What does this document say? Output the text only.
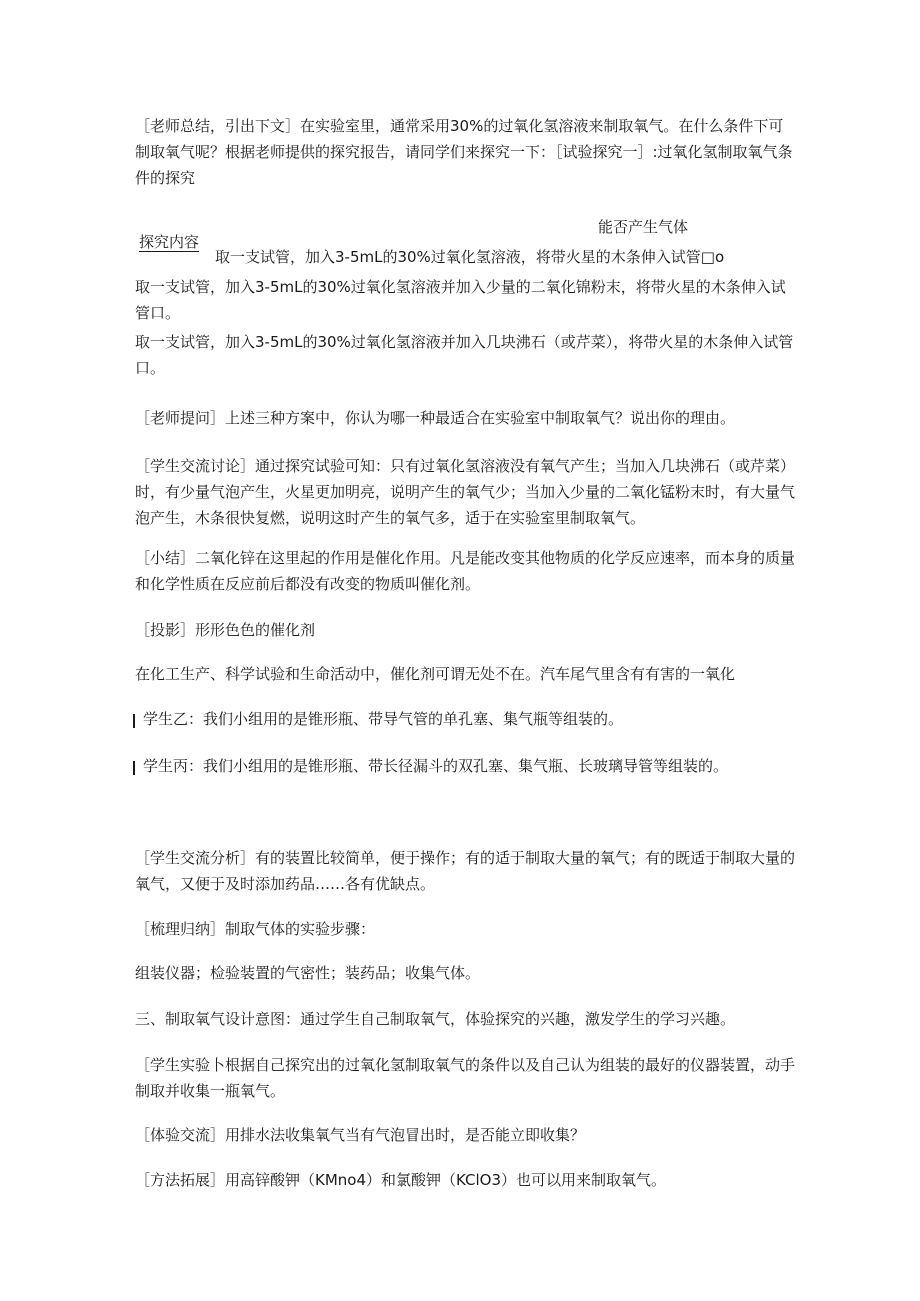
［老师总结，引出下文］在实验室里，通常采用30%的过氧化氢溶液来制取氧气。在什么条件下可制取氧气呢？根据老师提供的探究报告，请同学们来探究一下：［试验探究一］:过氧化氢制取氧气条件的探究

能否产生气体
探究内容
取一支试管，加入3-5mL的30%过氧化氢溶液，将带火星的木条伸入试管□o

取一支试管，加入3-5mL的30%过氧化氢溶液并加入少量的二氧化锦粉末，将带火星的木条伸入试管口。

取一支试管，加入3-5mL的30%过氧化氢溶液并加入几块沸石（或芹菜），将带火星的木条伸入试管口。

［老师提问］上述三种方案中，你认为哪一种最适合在实验室中制取氧气？说出你的理由。

［学生交流讨论］通过探究试验可知：只有过氧化氢溶液没有氧气产生；当加入几块沸石（或芹菜）时，有少量气泡产生，火星更加明亮，说明产生的氧气少；当加入少量的二氧化锰粉末时，有大量气泡产生，木条很快复燃，说明这时产生的氧气多，适于在实验室里制取氧气。

［小结］二氧化锌在这里起的作用是催化作用。凡是能改变其他物质的化学反应速率，而本身的质量和化学性质在反应前后都没有改变的物质叫催化剂。

［投影］形形色色的催化剂

在化工生产、科学试验和生命活动中，催化剂可谓无处不在。汽车尾气里含有有害的一氧化

学生乙：我们小组用的是锥形瓶、带导气管的单孔塞、集气瓶等组装的。

学生丙：我们小组用的是锥形瓶、带长径漏斗的双孔塞、集气瓶、长玻璃导管等组装的。

［学生交流分析］有的装置比较简单，便于操作；有的适于制取大量的氧气；有的既适于制取大量的氧气，又便于及时添加药品……各有优缺点。

［梳理归纳］制取气体的实验步骤：

组装仪器；检验装置的气密性；装药品；收集气体。

三、制取氧气设计意图：通过学生自己制取氧气，体验探究的兴趣，激发学生的学习兴趣。

［学生实验卜根据自己探究出的过氧化氢制取氧气的条件以及自己认为组装的最好的仪器装置，动手制取并收集一瓶氧气。

［体验交流］用排水法收集氧气当有气泡冒出时，是否能立即收集？

［方法拓展］用高锌酸钾（KMno4）和氯酸钾（KClO3）也可以用来制取氧气。
